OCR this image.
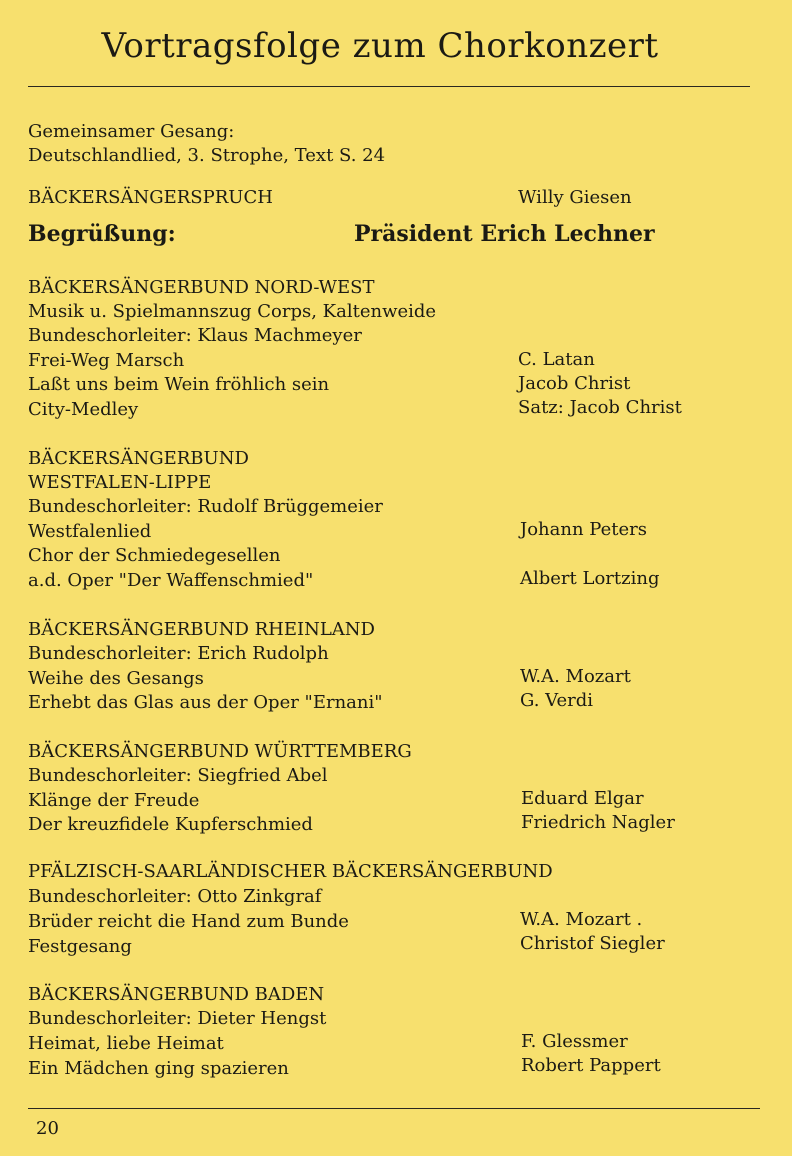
Vortragsfolge zum Chorkonzert
Gemeinsamer Gesang:
Deutschlandlied, 3. Strophe, Text S. 24
BÄCKERSÄNGERSPRUCH	Willy Giesen
Begrüßung:	Präsident Erich Lechner
BÄCKERSÄNGERBUND NORD-WEST
Musik u. Spielmannszug Corps, Kaltenweide
Bundeschorleiter: Klaus Machmeyer
Frei-Weg Marsch
Laßt uns beim Wein fröhlich sein
City-Medley
C. Latan
Jacob Christ
Satz: Jacob Christ
BÄCKERSÄNGERBUND
WESTFALEN-LIPPE
Bundeschorleiter: Rudolf Brüggemeier
Westfalenlied
Chor der Schmiedegesellen
a.d. Oper "Der Waffenschmied"
Johann Peters
Albert Lortzing
BÄCKERSÄNGERBUND RHEINLAND
Bundeschorleiter: Erich Rudolph
Weihe des Gesangs
Erhebt das Glas aus der Oper "Ernani"
W.A. Mozart
G. Verdi
BÄCKERSÄNGERBUND WÜRTTEMBERG
Bundeschorleiter: Siegfried Abel
Klänge der Freude
Der kreuzfidele Kupferschmied
Eduard Elgar
Friedrich Nagler
PFÄLZISCH-SAARLÄNDISCHER BÄCKERSÄNGERBUND
Bundeschorleiter: Otto Zinkgraf
Brüder reicht die Hand zum Bunde
Festgesang
W.A. Mozart .
Christof Siegler
BÄCKERSÄNGERBUND BADEN
Bundeschorleiter: Dieter Hengst
Heimat, liebe Heimat
Ein Mädchen ging spazieren
F. Glessmer
Robert Pappert
20
